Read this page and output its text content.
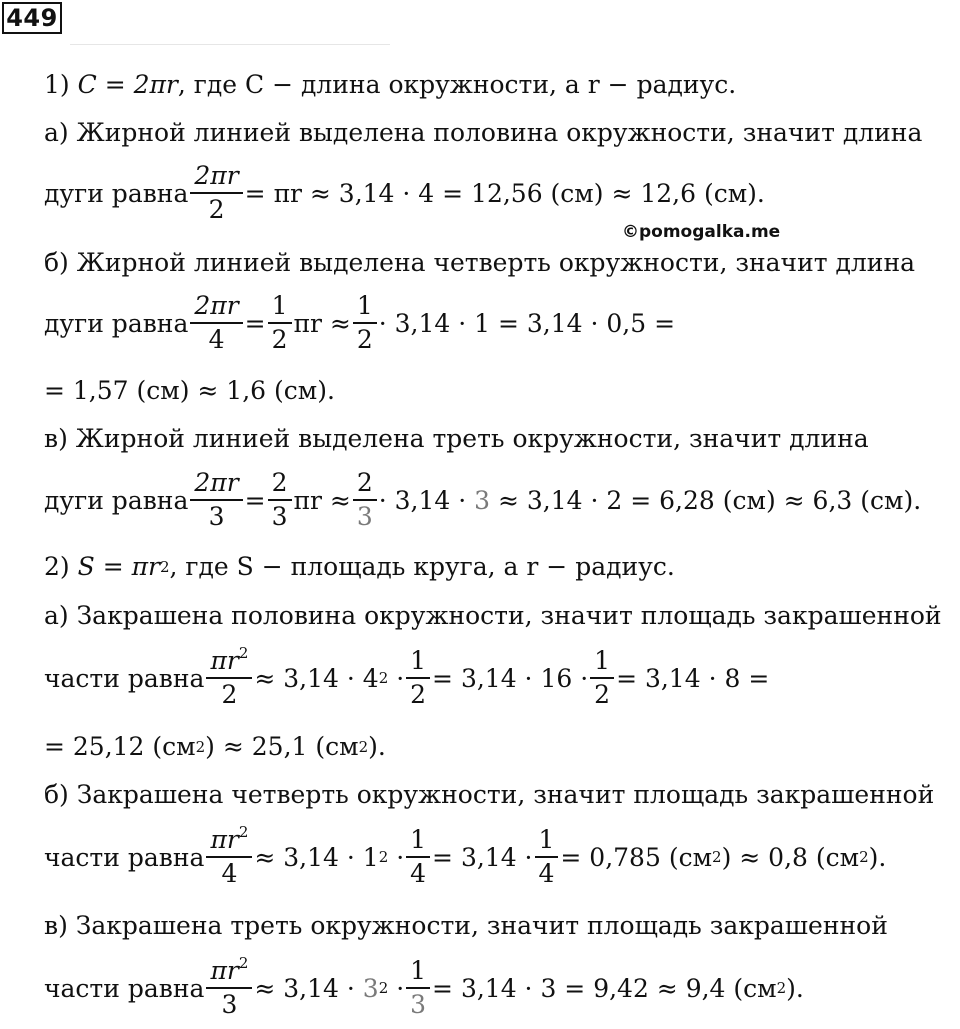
449
1)
C = 2πr , где C − длина окружности, а r − радиус.
а) Жирной линией выделена половина окружности, значит длина
дуги равна $\frac{2\pi r}{2} = \pi r \approx 3,14 \cdot 4 = 12,56$ (см) ≈ 12,6 (см).
©pomogalka.me
б) Жирной линией выделена четверть окружности, значит длина
дуги равна $\frac{2\pi r}{4} = \frac{1}{2}$ $\pi r \approx \frac{1}{2} \cdot 3,14 \cdot 1 = 3,14 \cdot 0,5$ =
= 1,57 (см) ≈ 1,6 (см).
в) Жирной линией выделена треть окружности, значит длина
дуги равна $\frac{2\pi r}{3} = \frac{2}{3}$ $\pi r \approx \frac{2}{3} \cdot 3,14$ ·
3
≈ 3,14 · 2 = 6,28 (см) ≈ 6,3 (см).
2)
S = πr 2 , где S − площадь круга, а r − радиус.
а) Закрашена половина окружности, значит площадь закрашенной
части равна $\frac{\pi r^2}{2} \approx 3,14 \cdot 4$ 2
· $\frac{1}{2} = 3,14 \cdot 16 \cdot \frac{1}{2} = 3,14 \cdot 8$ =
= 25,12 (см 2 ) ≈ 25,1 (см 2 ).
б) Закрашена четверть окружности, значит площадь закрашенной
части равна $\frac{\pi r^2}{4} \approx 3,14 \cdot 1$ 2
· $\frac{1}{4} = 3,14 \cdot \frac{1}{4} = 0,785$ (см 2 ) ≈ 0,8 (см 2 ).
в) Закрашена треть окружности, значит площадь закрашенной
части равна $\frac{\pi r^2}{3} \approx 3,14$ ·
3 2
· $\frac{1}{3} = 3,14 \cdot 3 = 9,42 \approx 9,4$ (см 2 ).
